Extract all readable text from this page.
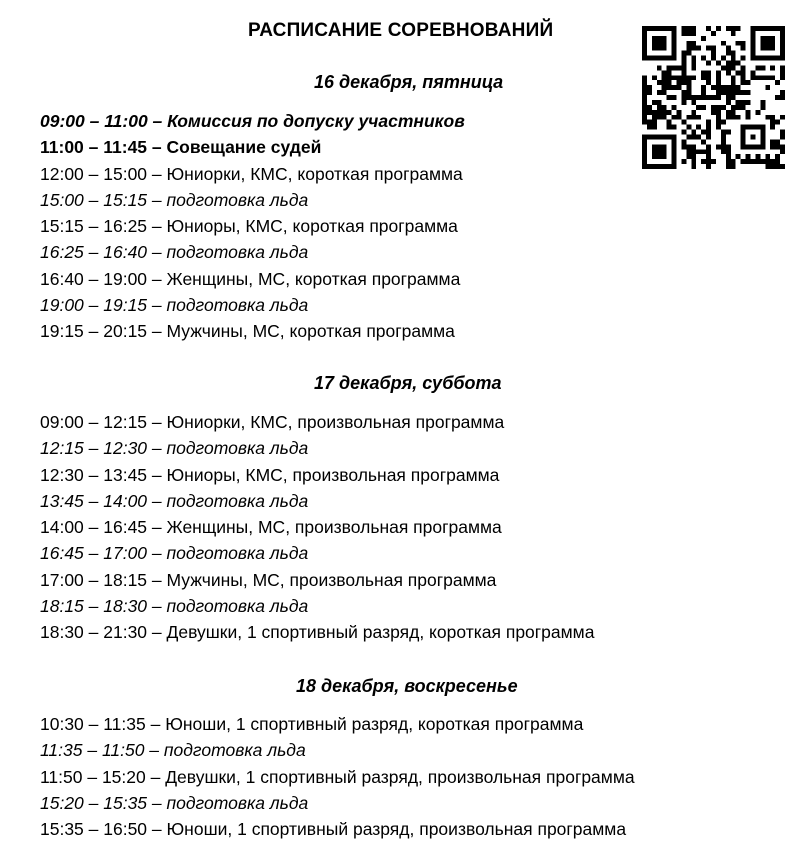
РАСПИСАНИЕ СОРЕВНОВАНИЙ
16 декабря, пятница
09:00 – 11:00 – Комиссия по допуску участников
11:00 – 11:45 – Совещание судей
12:00 – 15:00 – Юниорки, КМС, короткая программа
15:00 – 15:15 – подготовка льда
15:15 – 16:25 – Юниоры, КМС, короткая программа
16:25 – 16:40 – подготовка льда
16:40 – 19:00 – Женщины, МС, короткая программа
19:00 – 19:15 – подготовка льда
19:15 – 20:15 – Мужчины, МС, короткая программа
17 декабря, суббота
09:00 – 12:15 – Юниорки, КМС, произвольная программа
12:15 – 12:30 – подготовка льда
12:30 – 13:45 – Юниоры, КМС, произвольная программа
13:45 – 14:00 – подготовка льда
14:00 – 16:45 – Женщины, МС, произвольная программа
16:45 – 17:00 – подготовка льда
17:00 – 18:15 – Мужчины, МС, произвольная программа
18:15 – 18:30 – подготовка льда
18:30 – 21:30 – Девушки, 1 спортивный разряд, короткая программа
18 декабря, воскресенье
10:30 – 11:35 – Юноши, 1 спортивный разряд, короткая программа
11:35 – 11:50 – подготовка льда
11:50 – 15:20 – Девушки, 1 спортивный разряд, произвольная программа
15:20 – 15:35 – подготовка льда
15:35 – 16:50 – Юноши, 1 спортивный разряд, произвольная программа
